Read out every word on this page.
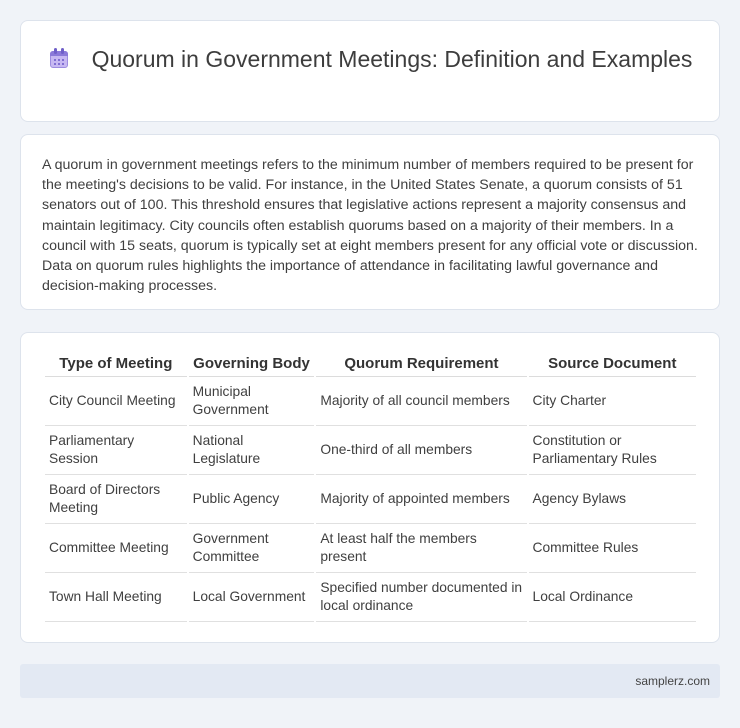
Quorum in Government Meetings: Definition and Examples

A quorum in government meetings refers to the minimum number of members required to be present for the meeting's decisions to be valid. For instance, in the United States Senate, a quorum consists of 51 senators out of 100. This threshold ensures that legislative actions represent a majority consensus and maintain legitimacy. City councils often establish quorums based on a majority of their members. In a council with 15 seats, quorum is typically set at eight members present for any official vote or discussion. Data on quorum rules highlights the importance of attendance in facilitating lawful governance and decision-making processes.

Type of Meeting	Governing Body	Quorum Requirement	Source Document
City Council Meeting	Municipal Government	Majority of all council members	City Charter
Parliamentary Session	National Legislature	One-third of all members	Constitution or Parliamentary Rules
Board of Directors Meeting	Public Agency	Majority of appointed members	Agency Bylaws
Committee Meeting	Government Committee	At least half the members present	Committee Rules
Town Hall Meeting	Local Government	Specified number documented in local ordinance	Local Ordinance
samplerz.com
